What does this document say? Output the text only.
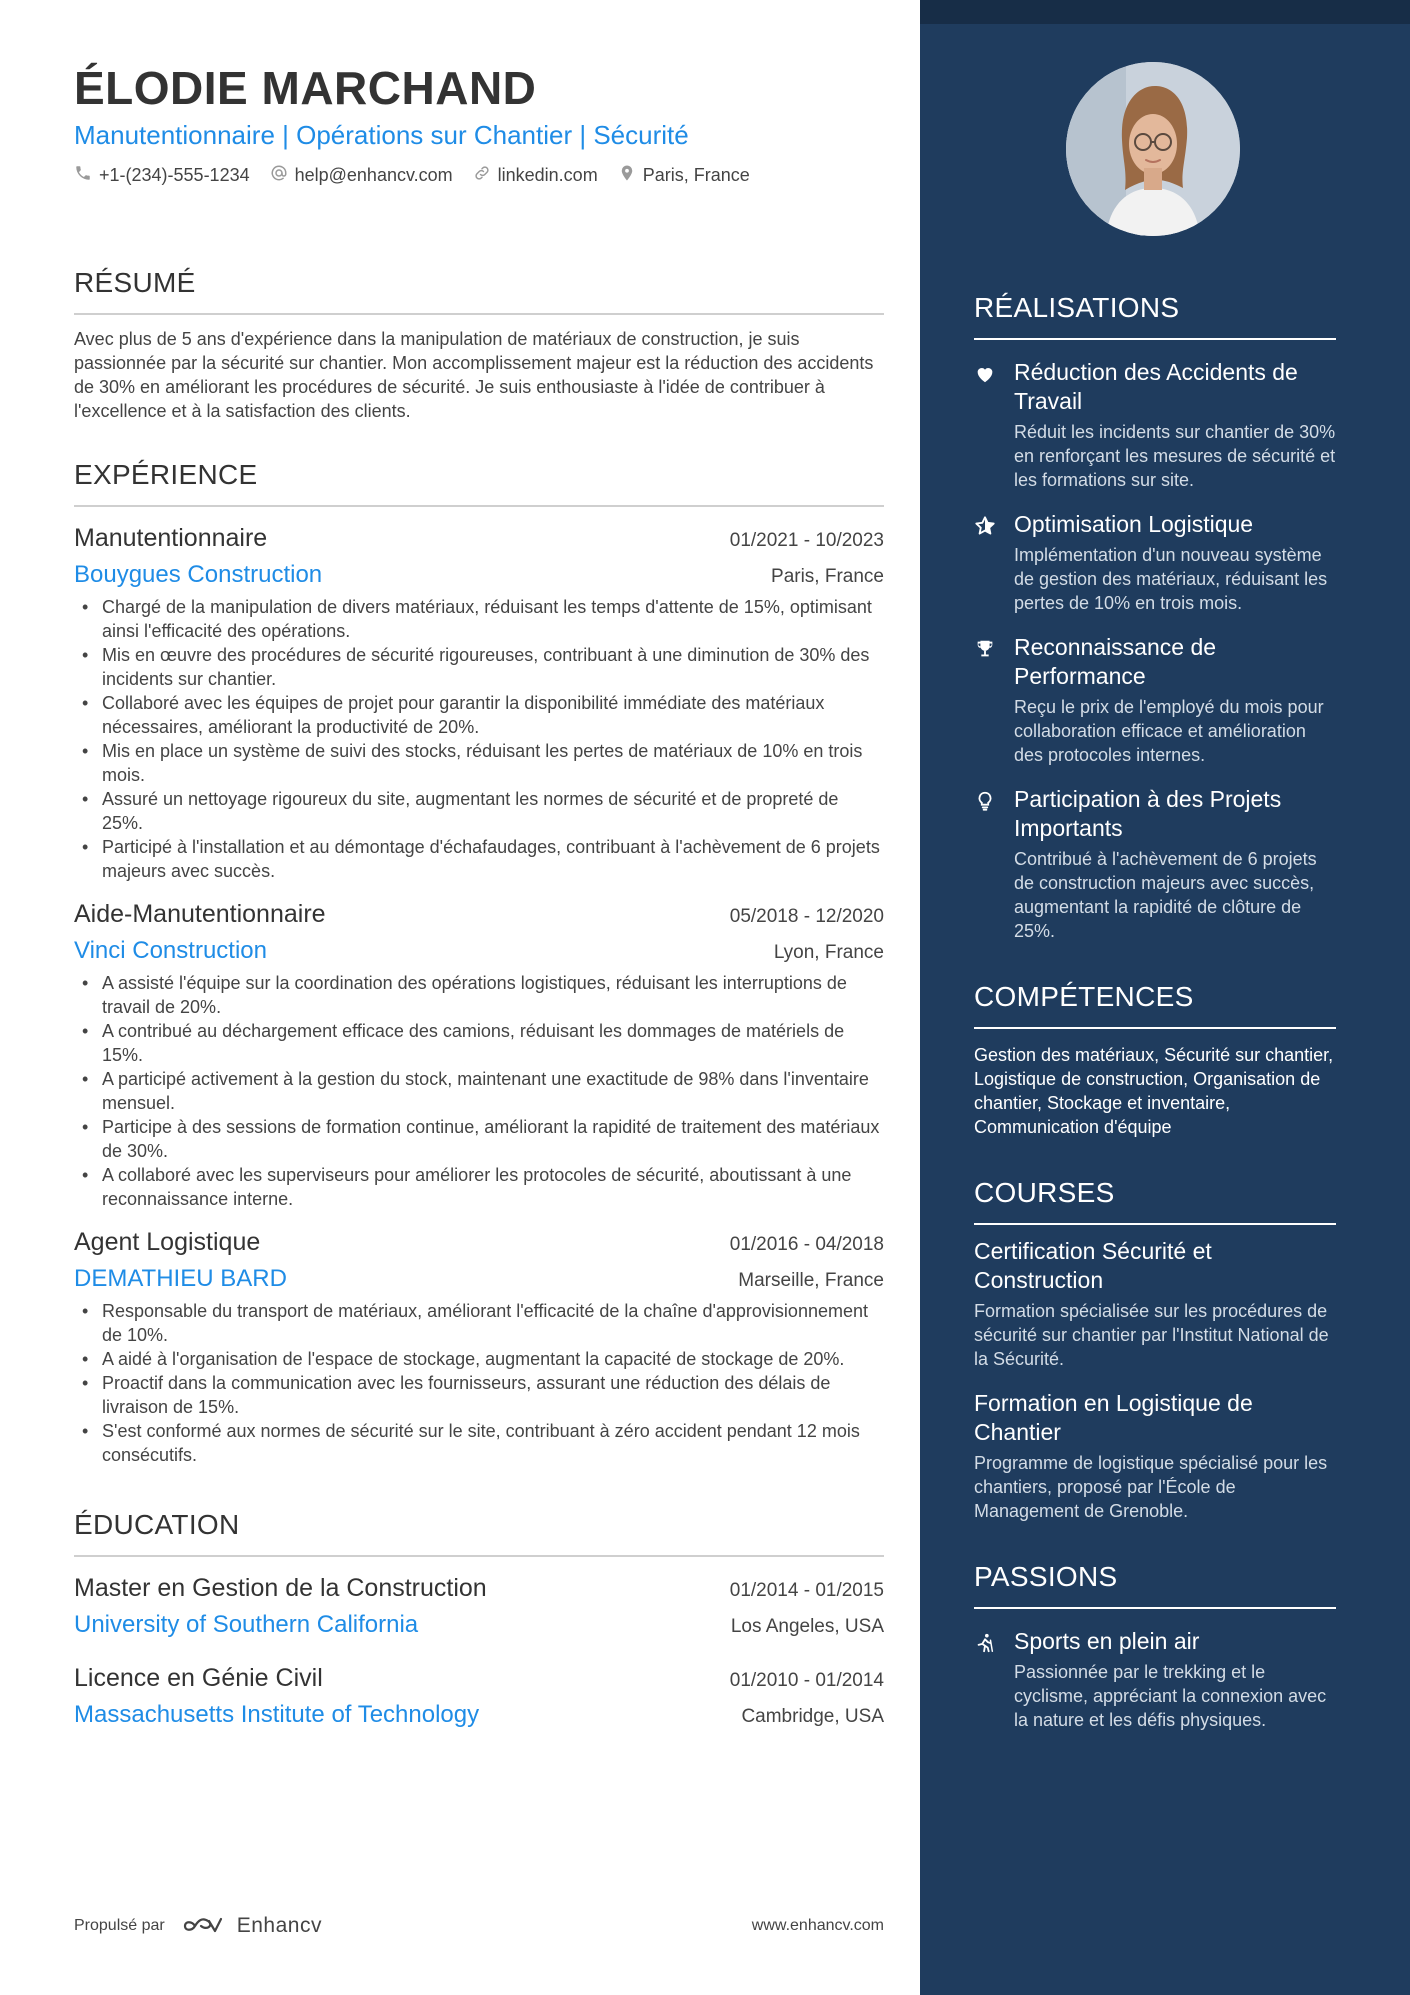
ÉLODIE MARCHAND
Manutentionnaire | Opérations sur Chantier | Sécurité
+1-(234)-555-1234	help@enhancv.com	linkedin.com	Paris, France
RÉSUMÉ
Avec plus de 5 ans d'expérience dans la manipulation de matériaux de construction, je suis passionnée par la sécurité sur chantier. Mon accomplissement majeur est la réduction des accidents de 30% en améliorant les procédures de sécurité. Je suis enthousiaste à l'idée de contribuer à l'excellence et à la satisfaction des clients.
EXPÉRIENCE
Manutentionnaire	01/2021 - 10/2023
Bouygues Construction	Paris, France
• Chargé de la manipulation de divers matériaux, réduisant les temps d'attente de 15%, optimisant ainsi l'efficacité des opérations.
• Mis en œuvre des procédures de sécurité rigoureuses, contribuant à une diminution de 30% des incidents sur chantier.
• Collaboré avec les équipes de projet pour garantir la disponibilité immédiate des matériaux nécessaires, améliorant la productivité de 20%.
• Mis en place un système de suivi des stocks, réduisant les pertes de matériaux de 10% en trois mois.
• Assuré un nettoyage rigoureux du site, augmentant les normes de sécurité et de propreté de 25%.
• Participé à l'installation et au démontage d'échafaudages, contribuant à l'achèvement de 6 projets majeurs avec succès.
Aide-Manutentionnaire	05/2018 - 12/2020
Vinci Construction	Lyon, France
• A assisté l'équipe sur la coordination des opérations logistiques, réduisant les interruptions de travail de 20%.
• A contribué au déchargement efficace des camions, réduisant les dommages de matériels de 15%.
• A participé activement à la gestion du stock, maintenant une exactitude de 98% dans l'inventaire mensuel.
• Participe à des sessions de formation continue, améliorant la rapidité de traitement des matériaux de 30%.
• A collaboré avec les superviseurs pour améliorer les protocoles de sécurité, aboutissant à une reconnaissance interne.
Agent Logistique	01/2016 - 04/2018
DEMATHIEU BARD	Marseille, France
• Responsable du transport de matériaux, améliorant l'efficacité de la chaîne d'approvisionnement de 10%.
• A aidé à l'organisation de l'espace de stockage, augmentant la capacité de stockage de 20%.
• Proactif dans la communication avec les fournisseurs, assurant une réduction des délais de livraison de 15%.
• S'est conformé aux normes de sécurité sur le site, contribuant à zéro accident pendant 12 mois consécutifs.
ÉDUCATION
Master en Gestion de la Construction	01/2014 - 01/2015
University of Southern California	Los Angeles, USA
Licence en Génie Civil	01/2010 - 01/2014
Massachusetts Institute of Technology	Cambridge, USA
Propulsé par	Enhancv	www.enhancv.com
RÉALISATIONS
Réduction des Accidents de Travail
Réduit les incidents sur chantier de 30% en renforçant les mesures de sécurité et les formations sur site.
Optimisation Logistique
Implémentation d'un nouveau système de gestion des matériaux, réduisant les pertes de 10% en trois mois.
Reconnaissance de Performance
Reçu le prix de l'employé du mois pour collaboration efficace et amélioration des protocoles internes.
Participation à des Projets Importants
Contribué à l'achèvement de 6 projets de construction majeurs avec succès, augmentant la rapidité de clôture de 25%.
COMPÉTENCES
Gestion des matériaux, Sécurité sur chantier, Logistique de construction, Organisation de chantier, Stockage et inventaire, Communication d'équipe
COURSES
Certification Sécurité et Construction
Formation spécialisée sur les procédures de sécurité sur chantier par l'Institut National de la Sécurité.
Formation en Logistique de Chantier
Programme de logistique spécialisé pour les chantiers, proposé par l'École de Management de Grenoble.
PASSIONS
Sports en plein air
Passionnée par le trekking et le cyclisme, appréciant la connexion avec la nature et les défis physiques.
